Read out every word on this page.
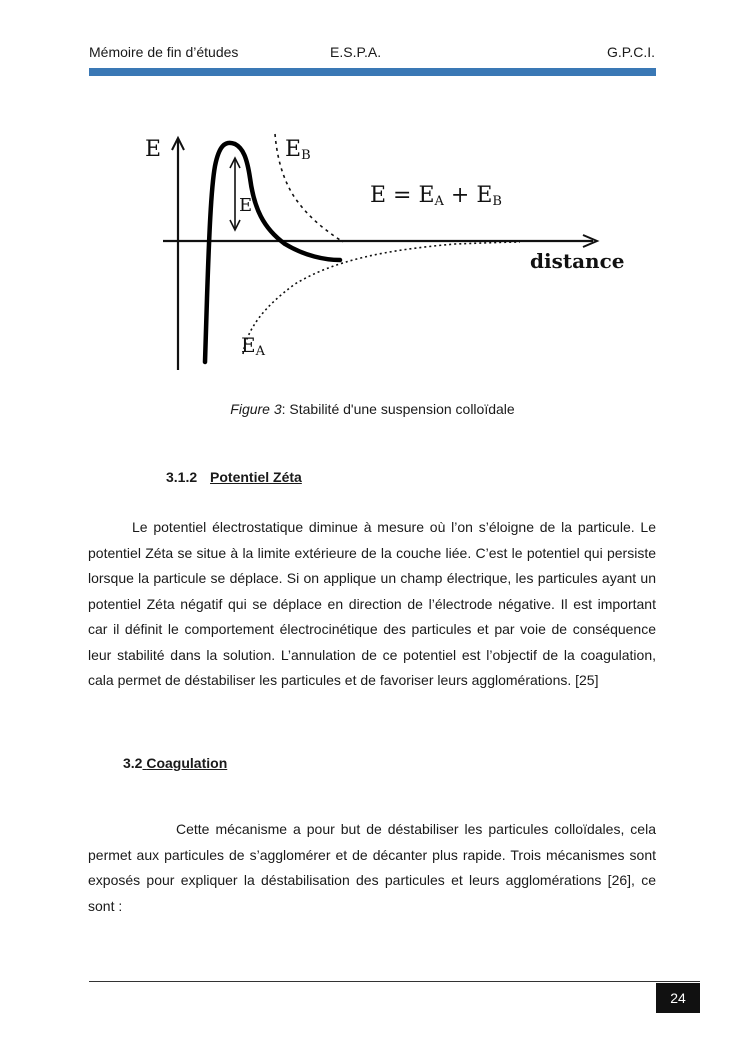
Mémoire de fin d’études	E.S.P.A.	G.P.C.I.
E	EB
E	E = EA + EB
distance
EA
Figure 3: Stabilité d'une suspension colloïdale
3.1.2 Potentiel Zéta

Le potentiel électrostatique diminue à mesure où l’on s’éloigne de la particule. Le potentiel Zéta se situe à la limite extérieure de la couche liée. C’est le potentiel qui persiste lorsque la particule se déplace. Si on applique un champ électrique, les particules ayant un potentiel Zéta négatif qui se déplace en direction de l’électrode négative. Il est important car il définit le comportement électrocinétique des particules et par voie de conséquence leur stabilité dans la solution. L’annulation de ce potentiel est l’objectif de la coagulation, cala permet de déstabiliser les particules et de favoriser leurs agglomérations. [25]

3.2 Coagulation

Cette mécanisme a pour but de déstabiliser les particules colloïdales, cela permet aux particules de s’agglomérer et de décanter plus rapide. Trois mécanismes sont exposés pour expliquer la déstabilisation des particules et leurs agglomérations [26], ce sont :

24
